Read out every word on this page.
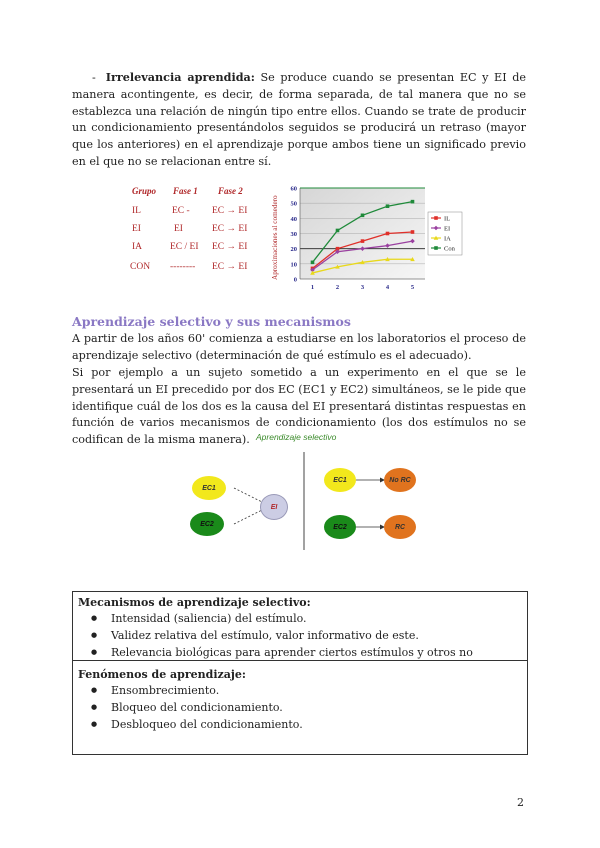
- Irrelevancia aprendida: Se produce cuando se presentan EC y EI de manera acontingente, es decir, de forma separada, de tal manera que no se establezca una relación de ningún tipo entre ellos. Cuando se trate de producir un condicionamiento presentándolos seguidos se producirá un retraso (mayor que los anteriores) en el aprendizaje porque ambos tiene un significado previo en el que no se relacionan entre sí.
Grupo Fase 1 Fase 2
IL	EC - EC → EI
EI	EI	EC → EI
IA	EC / EI EC → EI
CON -------- EC → EI	Aproximaciones al comedero 0
10
20
30
40
50
60
1	2	3	4	5
IL
EI
IA
Con
Aprendizaje selectivo y sus mecanismos
A partir de los años 60' comienza a estudiarse en los laboratorios el proceso de aprendizaje selectivo (determinación de qué estímulo es el adecuado).
Si por ejemplo a un sujeto sometido a un experimento en el que se le presentará un EI precedido por dos EC (EC1 y EC2) simultáneos, se le pide que identifique cuál de los dos es la causa del EI presentará distintas respuestas en función de varios mecanismos de condicionamiento (los dos estímulos no se codifican de la misma manera). Aprendizaje selectivo
EC1
EC2
EI
EC1	No RC
EC2	RC
Mecanismos de aprendizaje selectivo:
● Intensidad (saliencia) del estímulo.
● Validez relativa del estímulo, valor informativo de este.
● Relevancia biológicas para aprender ciertos estímulos y otros no
Fenómenos de aprendizaje:
● Ensombrecimiento.
● Bloqueo del condicionamiento.
● Desbloqueo del condicionamiento.
2
